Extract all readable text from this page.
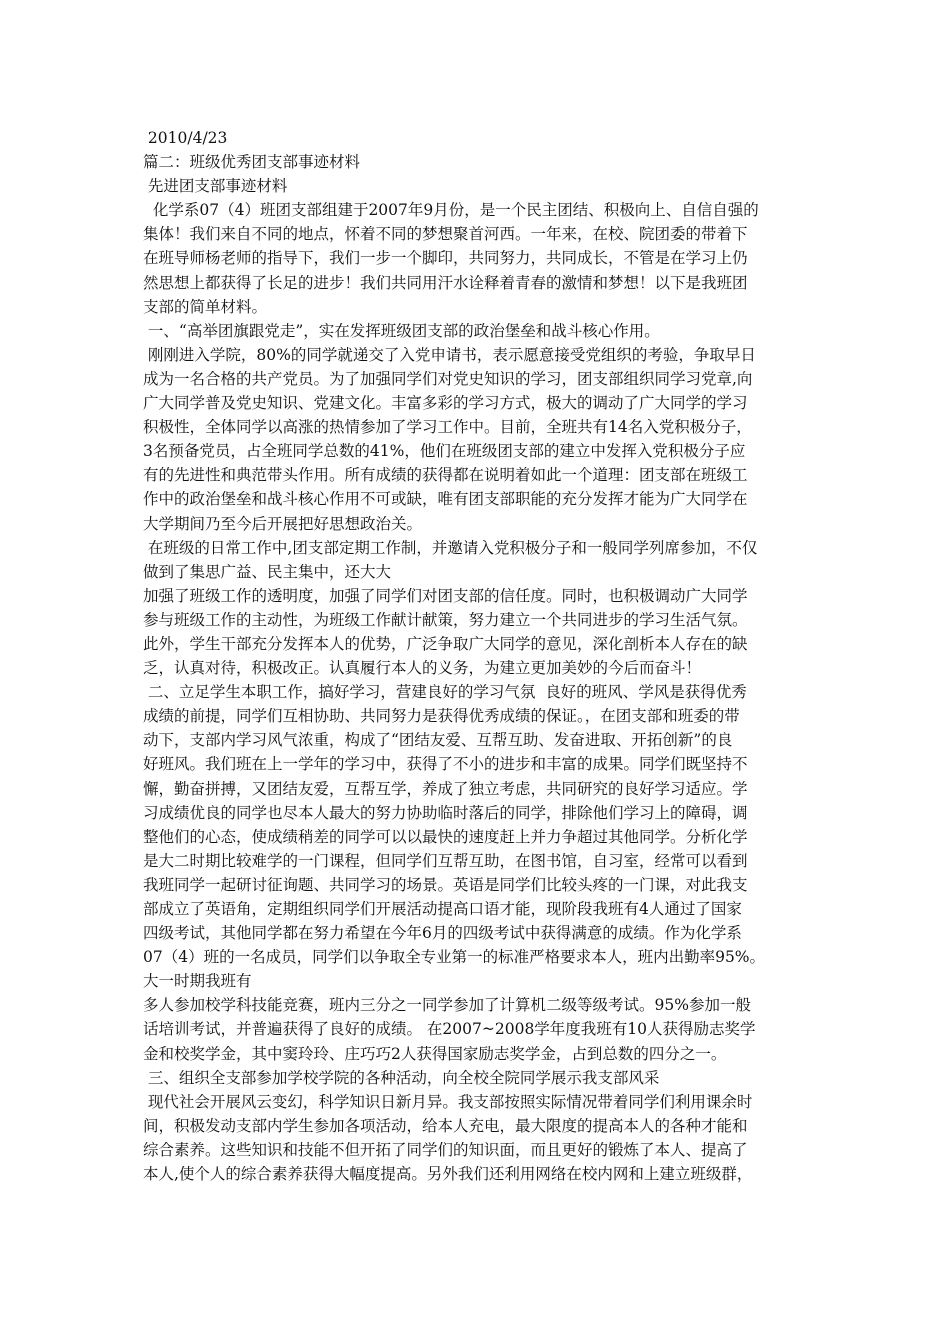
2010/4/23
篇二：班级优秀团支部事迹材料
先进团支部事迹材料
化学系07（4）班团支部组建于2007年9月份，是一个民主团结、积极向上、自信自强的
集体！我们来自不同的地点，怀着不同的梦想聚首河西。一年来，在校、院团委的带着下
在班导师杨老师的指导下，我们一步一个脚印，共同努力，共同成长，不管是在学习上仍
然思想上都获得了长足的进步！我们共同用汗水诠释着青春的激情和梦想！以下是我班团
支部的简单材料。
一、“高举团旗跟党走”，实在发挥班级团支部的政治堡垒和战斗核心作用。
刚刚进入学院，80%的同学就递交了入党申请书，表示愿意接受党组织的考验，争取早日
成为一名合格的共产党员。为了加强同学们对党史知识的学习，团支部组织同学习党章,向
广大同学普及党史知识、党建文化。丰富多彩的学习方式，极大的调动了广大同学的学习
积极性，全体同学以高涨的热情参加了学习工作中。目前，全班共有14名入党积极分子，
3名预备党员，占全班同学总数的41%，他们在班级团支部的建立中发挥入党积极分子应
有的先进性和典范带头作用。所有成绩的获得都在说明着如此一个道理：团支部在班级工
作中的政治堡垒和战斗核心作用不可或缺，唯有团支部职能的充分发挥才能为广大同学在
大学期间乃至今后开展把好思想政治关。
在班级的日常工作中,团支部定期工作制，并邀请入党积极分子和一般同学列席参加，不仅
做到了集思广益、民主集中，还大大
加强了班级工作的透明度，加强了同学们对团支部的信任度。同时，也积极调动广大同学
参与班级工作的主动性，为班级工作献计献策，努力建立一个共同进步的学习生活气氛。
此外，学生干部充分发挥本人的优势，广泛争取广大同学的意见，深化剖析本人存在的缺
乏，认真对待，积极改正。认真履行本人的义务，为建立更加美妙的今后而奋斗！
二、立足学生本职工作，搞好学习，营建良好的学习气氛  良好的班风、学风是获得优秀
成绩的前提，同学们互相协助、共同努力是获得优秀成绩的保证。，在团支部和班委的带
动下，支部内学习风气浓重，构成了“团结友爱、互帮互助、发奋进取、开拓创新”的良
好班风。我们班在上一学年的学习中，获得了不小的进步和丰富的成果。同学们既坚持不
懈，勤奋拼搏，又团结友爱，互帮互学，养成了独立考虑，共同研究的良好学习适应。学
习成绩优良的同学也尽本人最大的努力协助临时落后的同学，排除他们学习上的障碍，调
整他们的心态，使成绩稍差的同学可以以最快的速度赶上并力争超过其他同学。分析化学
是大二时期比较难学的一门课程，但同学们互帮互助，在图书馆，自习室，经常可以看到
我班同学一起研讨征询题、共同学习的场景。英语是同学们比较头疼的一门课，对此我支
部成立了英语角，定期组织同学们开展活动提高口语才能，现阶段我班有4人通过了国家
四级考试，其他同学都在努力希望在今年6月的四级考试中获得满意的成绩。作为化学系
07（4）班的一名成员，同学们以争取全专业第一的标准严格要求本人，班内出勤率95%。
大一时期我班有
多人参加校学科技能竞赛，班内三分之一同学参加了计算机二级等级考试。95%参加一般
话培训考试，并普遍获得了良好的成绩。 在2007~2008学年度我班有10人获得励志奖学
金和校奖学金，其中窦玲玲、庄巧巧2人获得国家励志奖学金，占到总数的四分之一。
三、组织全支部参加学校学院的各种活动，向全校全院同学展示我支部风采
现代社会开展风云变幻，科学知识日新月异。我支部按照实际情况带着同学们利用课余时
间，积极发动支部内学生参加各项活动，给本人充电，最大限度的提高本人的各种才能和
综合素养。这些知识和技能不但开拓了同学们的知识面，而且更好的锻炼了本人、提高了
本人,使个人的综合素养获得大幅度提高。另外我们还利用网络在校内网和上建立班级群，
